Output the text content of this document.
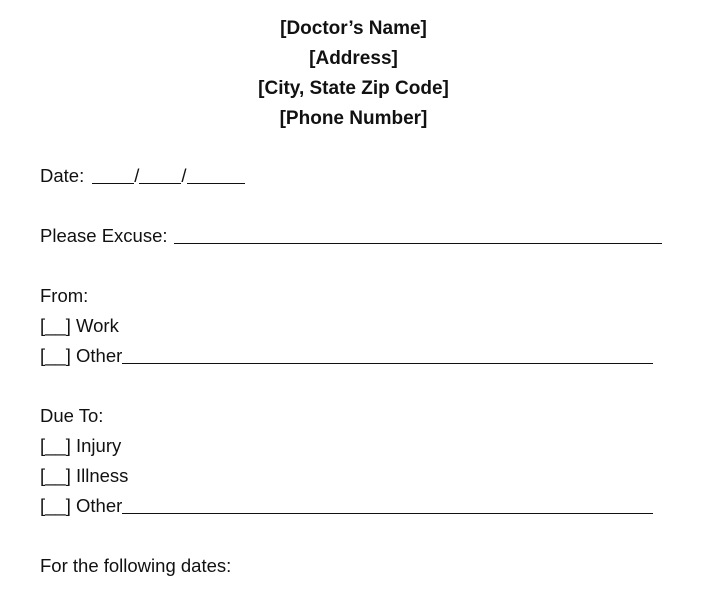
[Doctor’s Name]
[Address]
[City, State Zip Code]
[Phone Number]
Date:	/ /
Please Excuse:
From:
[__] Work
[__] Other
Due To:
[__] Injury
[__] Illness
[__] Other
For the following dates:
